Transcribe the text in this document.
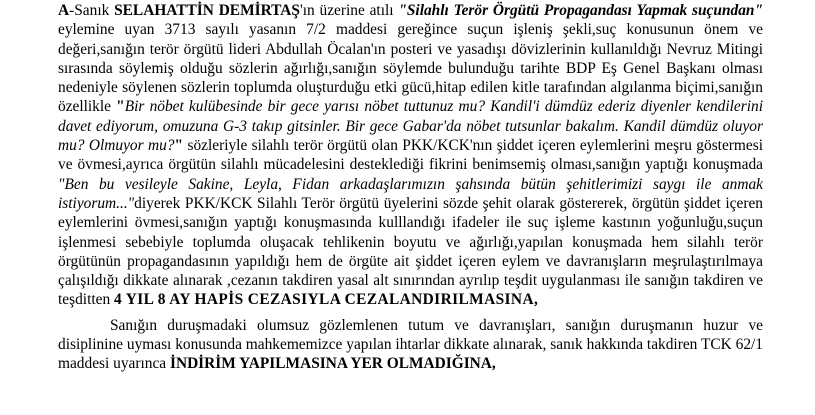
A-Sanık SELAHATTİN DEMİRTAŞ'ın üzerine atılı "Silahlı Terör Örgütü Propagandası Yapmak suçundan" eylemine uyan 3713 sayılı yasanın 7/2 maddesi gereğince suçun işleniş şekli,suç konusunun önem ve değeri,sanığın terör örgütü lideri Abdullah Öcalan'ın posteri ve yasadışı dövizlerinin kullanıldığı Nevruz Mitingi sırasında söylemiş olduğu sözlerin ağırlığı,sanığın söylemde bulunduğu tarihte BDP Eş Genel Başkanı olması nedeniyle söylenen sözlerin toplumda oluşturduğu etki gücü,hitap edilen kitle tarafından algılanma biçimi,sanığın özellikle "Bir nöbet kulübesinde bir gece yarısı nöbet tuttunuz mu? Kandil'i dümdüz ederiz diyenler kendilerini davet ediyorum, omuzuna G-3 takıp gitsinler. Bir gece Gabar'da nöbet tutsunlar bakalım. Kandil dümdüz oluyor mu? Olmuyor mu?" sözleriyle silahlı terör örgütü olan PKK/KCK'nın şiddet içeren eylemlerini meşru göstermesi ve övmesi,ayrıca örgütün silahlı mücadelesini desteklediği fikrini benimsemiş olması,sanığın yaptığı konuşmada "Ben bu vesileyle Sakine, Leyla, Fidan arkadaşlarımızın şahsında bütün şehitlerimizi saygı ile anmak istiyorum..."diyerek PKK/KCK Silahlı Terör örgütü üyelerini sözde şehit olarak göstererek, örgütün şiddet içeren eylemlerini övmesi,sanığın yaptığı konuşmasında kulllandığı ifadeler ile suç işleme kastının yoğunluğu,suçun işlenmesi sebebiyle toplumda oluşacak tehlikenin boyutu ve ağırlığı,yapılan konuşmada hem silahlı terör örgütünün propagandasının yapıldığı hem de örgüte ait şiddet içeren eylem ve davranışların meşrulaştırılmaya çalışıldığı dikkate alınarak ,cezanın takdiren yasal alt sınırından ayrılıp teşdit uygulanması ile sanığın takdiren ve teşditten 4 YIL 8 AY HAPİS CEZASIYLA CEZALANDIRILMASINA,

Sanığın duruşmadaki olumsuz gözlemlenen tutum ve davranışları, sanığın duruşmanın huzur ve disiplinine uyması konusunda mahkememizce yapılan ihtarlar dikkate alınarak, sanık hakkında takdiren TCK 62/1 maddesi uyarınca İNDİRİM YAPILMASINA YER OLMADIĞINA,
